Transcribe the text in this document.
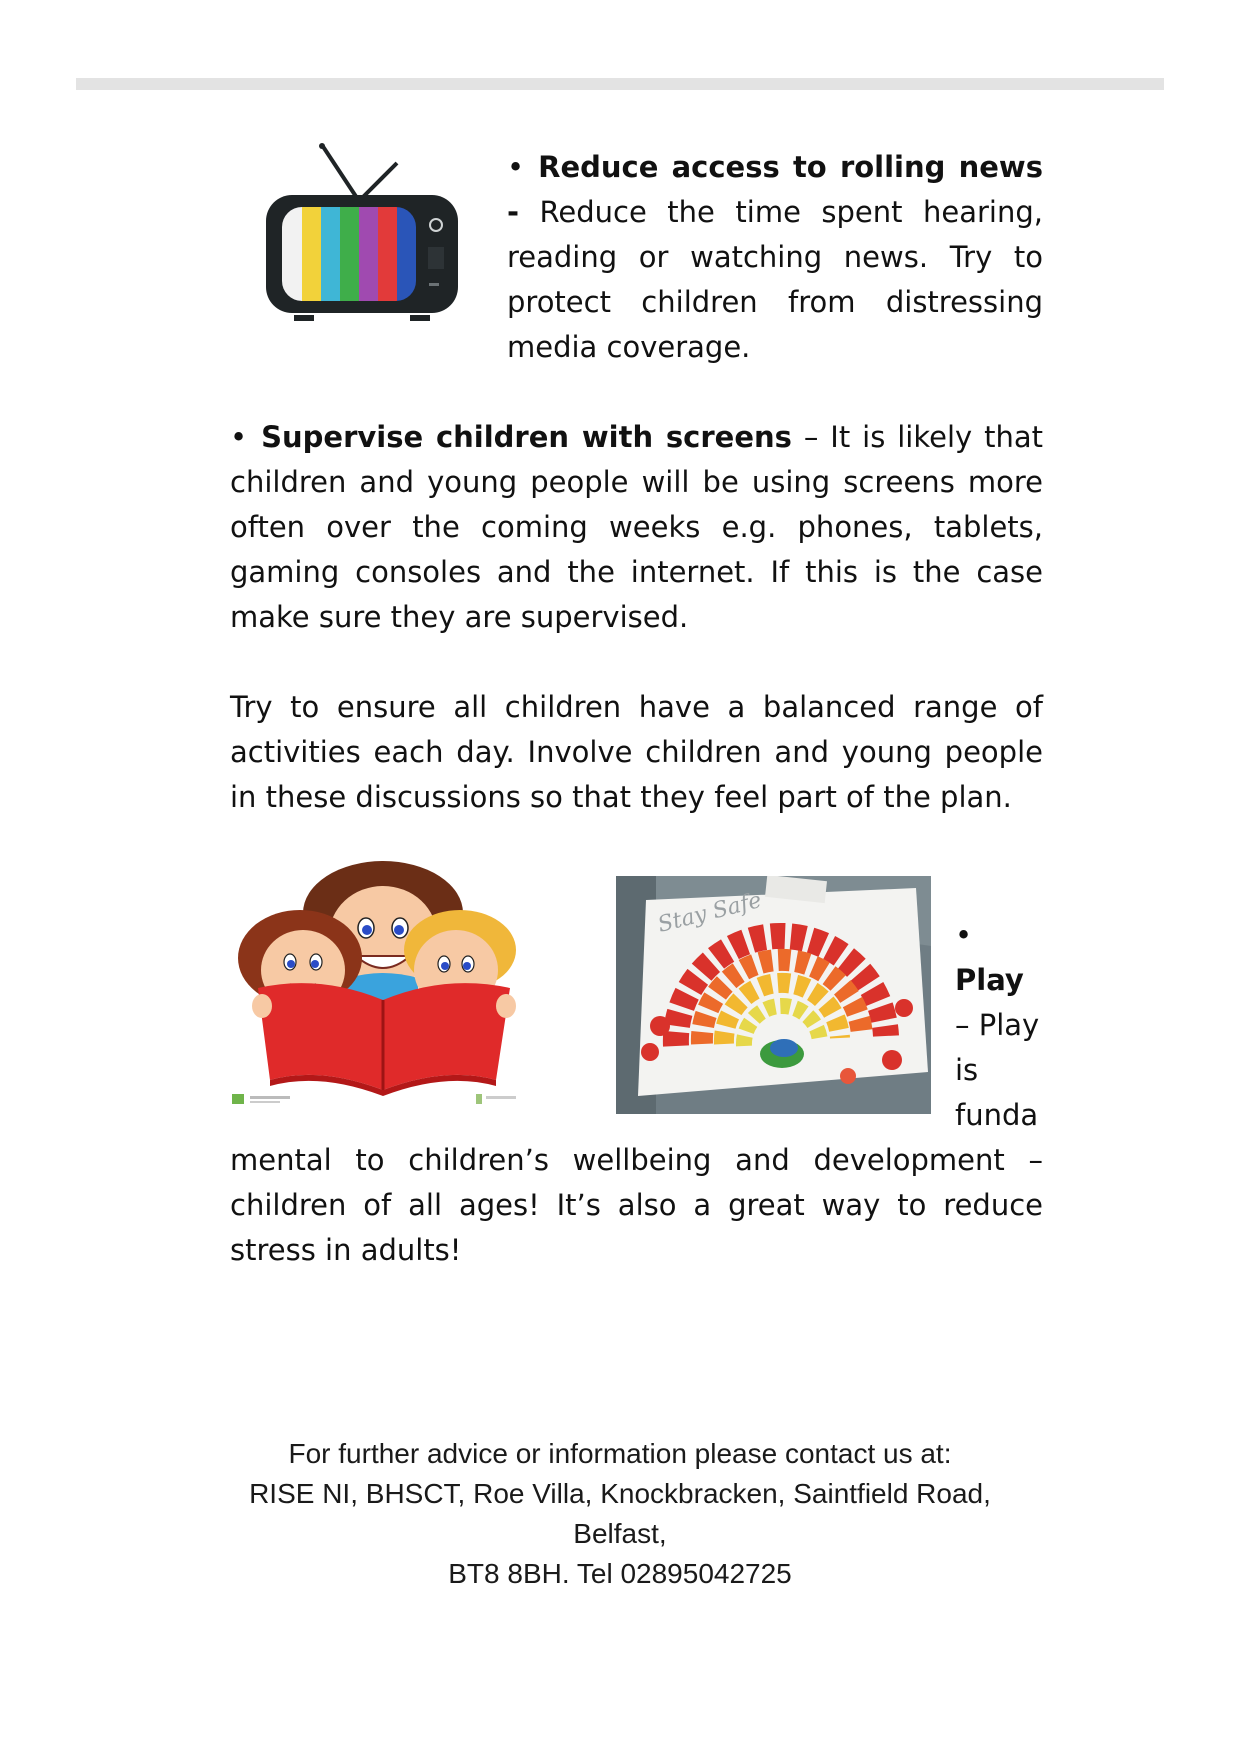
• Reduce access to rolling news - Reduce the time spent hearing, reading or watching news. Try to protect children from distressing media coverage.

• Supervise children with screens – It is likely that children and young people will be using screens more often over the coming weeks e.g. phones, tablets, gaming consoles and the internet. If this is the case make sure they are supervised.

Try to ensure all children have a balanced range of activities each day. Involve children and young people in these discussions so that they feel part of the plan.

Stay Safe	•
Play
– Play
is
funda

mental to children’s wellbeing and development – children of all ages! It’s also a great way to reduce stress in adults!

For further advice or information please contact us at:
RISE NI, BHSCT, Roe Villa, Knockbracken, Saintfield Road,
Belfast,
BT8 8BH. Tel 02895042725
